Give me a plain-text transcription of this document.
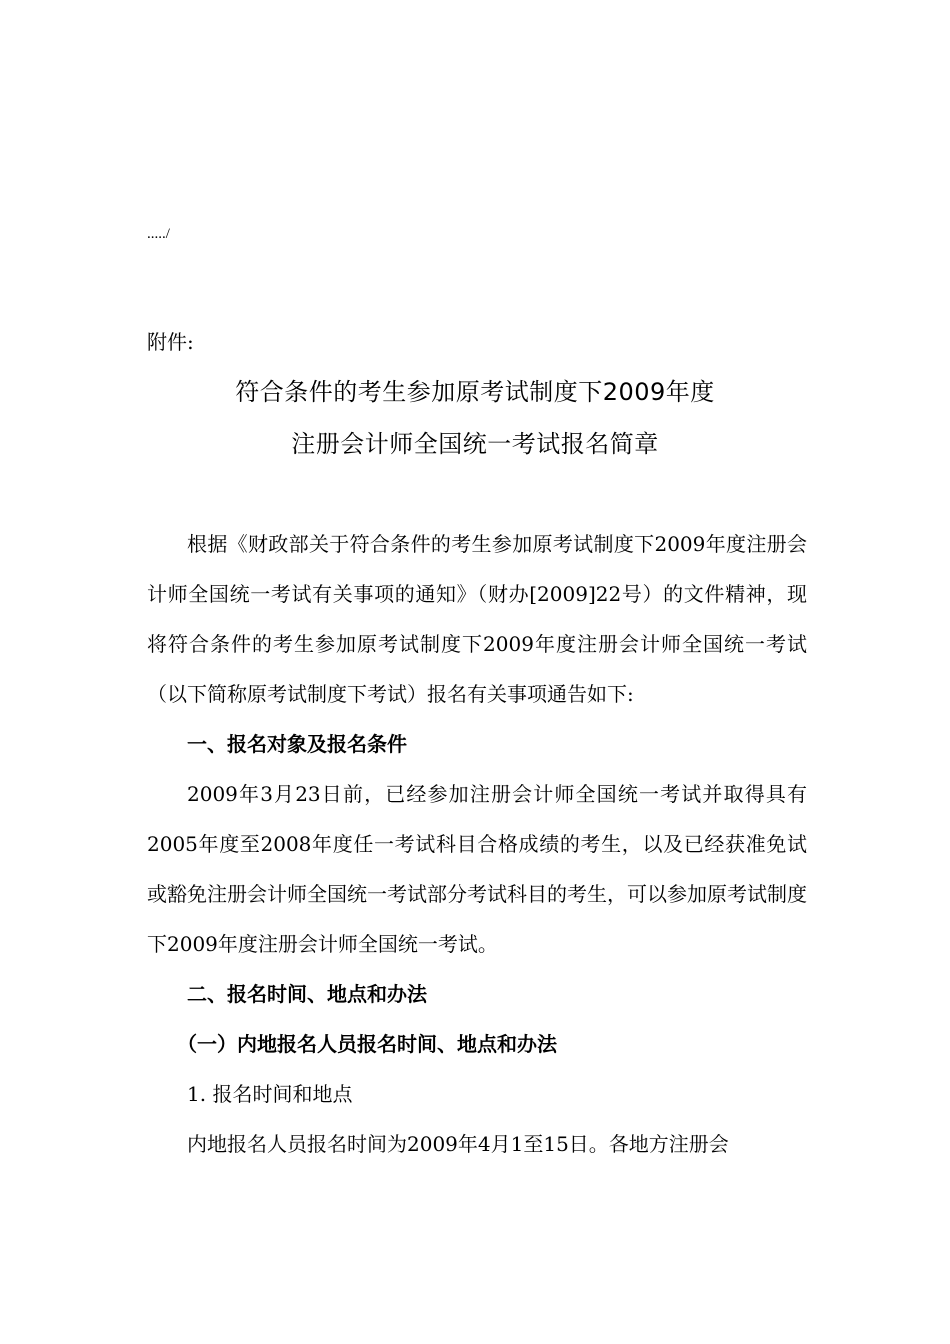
...../
附件:
符合条件的考生参加原考试制度下2009年度
注册会计师全国统一考试报名简章

根据《财政部关于符合条件的考生参加原考试制度下2009年度注册会计师全国统一考试有关事项的通知》（财办[2009]22号）的文件精神，现将符合条件的考生参加原考试制度下2009年度注册会计师全国统一考试（以下简称原考试制度下考试）报名有关事项通告如下:

一、报名对象及报名条件

2009年3月23日前，已经参加注册会计师全国统一考试并取得具有2005年度至2008年度任一考试科目合格成绩的考生，以及已经获准免试或豁免注册会计师全国统一考试部分考试科目的考生，可以参加原考试制度下2009年度注册会计师全国统一考试。

二、报名时间、地点和办法

（一）内地报名人员报名时间、地点和办法

1. 报名时间和地点

内地报名人员报名时间为2009年4月1至15日。各地方注册会
